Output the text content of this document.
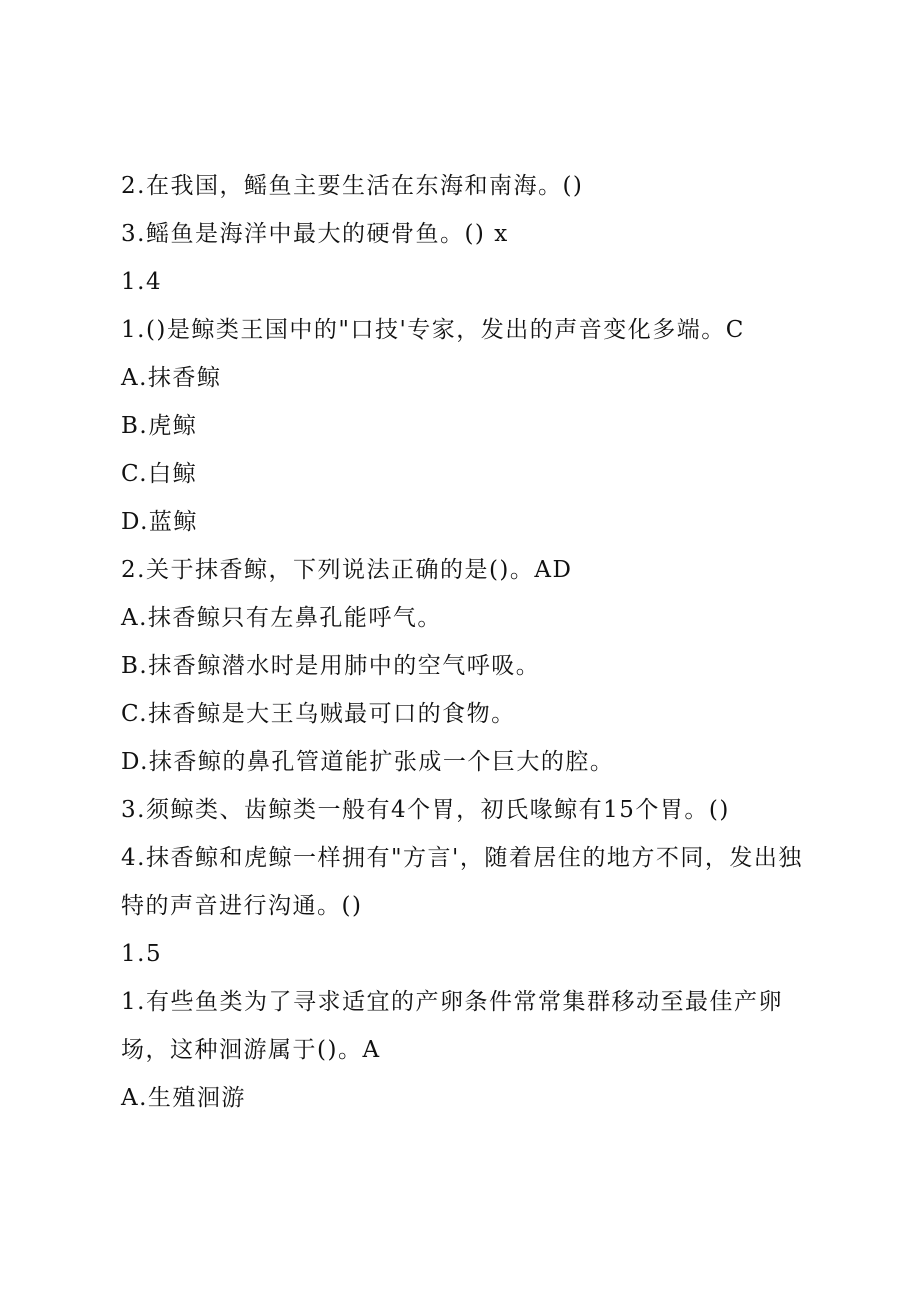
2.在我国，鳐鱼主要生活在东海和南海。()
3.鳐鱼是海洋中最大的硬骨鱼。() x
1.4
1.()是鲸类王国中的"口技'专家，发出的声音变化多端。C
A.抹香鲸
B.虎鲸
C.白鲸
D.蓝鲸
2.关于抹香鲸，下列说法正确的是()。AD
A.抹香鲸只有左鼻孔能呼气。
B.抹香鲸潜水时是用肺中的空气呼吸。
C.抹香鲸是大王乌贼最可口的食物。
D.抹香鲸的鼻孔管道能扩张成一个巨大的腔。
3.须鲸类、齿鲸类一般有4个胃，初氏喙鲸有15个胃。()
4.抹香鲸和虎鲸一样拥有"方言'，随着居住的地方不同，发出独
特的声音进行沟通。()
1.5
1.有些鱼类为了寻求适宜的产卵条件常常集群移动至最佳产卵
场，这种洄游属于()。A
A.生殖洄游
